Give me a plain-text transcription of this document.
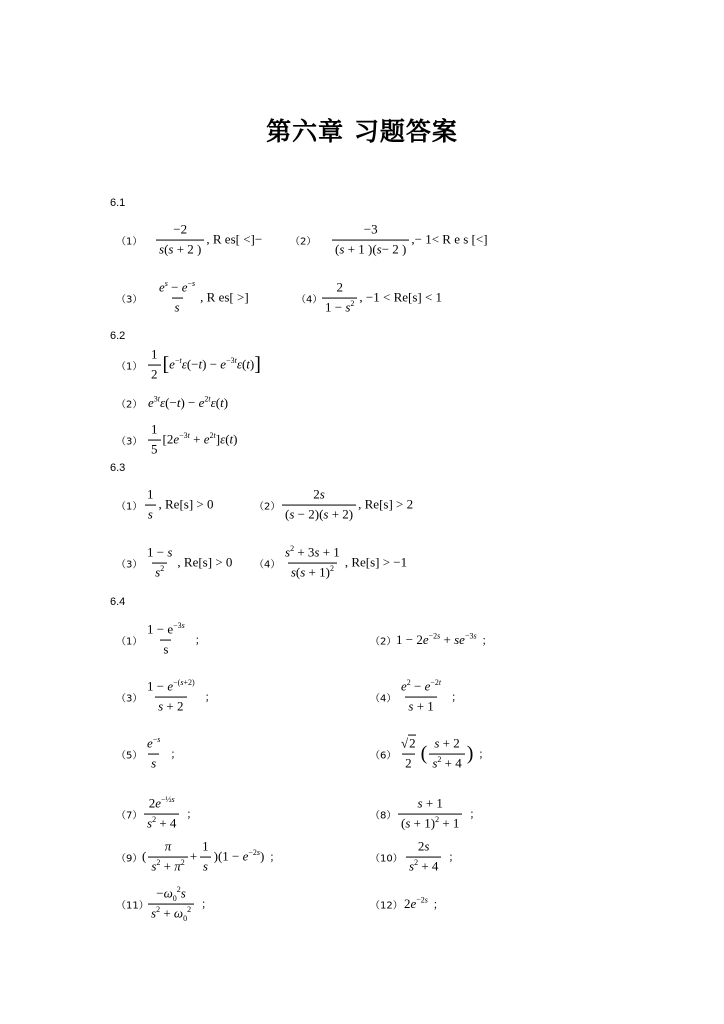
第六章 习题答案
6.1
$(1) \frac{-2}{s(s + 2 )}$ , R es[ <]−	$(2) \frac{-3}{(s + 1 )(s- 2 )}$ ,− 1< R e s [<]
$(3) \frac{e^s - e^{-s}}{s}$ , R es[ >]	$(4) \frac{2}{1 - s^2}$ , −1 < Re[s] < 1
6.2
$(1) \frac{1}{2}$ [ $e^{-t}\varepsilon(-t) - e^{-3t}\varepsilon(t)$ ]
（2） $e^{3t}\varepsilon(-t) - e^{2t}\varepsilon(t)$
$(3) \frac{1}{5} [2e^{-3t} + e^{2t}]\varepsilon(t)$
6.3
$(1) \frac{1}{s}$ , Re[s] > 0	$(2) \frac{2s}{(s - 2)(s + 2)}$ , Re[s] > 2
$(3) \frac{1 - s}{s^2}$ , Re[s] > 0 $(4) \frac{s^2 + 3s + 1}{s(s + 1)^2}$ , Re[s] > −1
6.4
$(1) \frac{1 - e^{-3s}}{s}$ ；	（2） $1 - 2e^{-2s} + se^{-3s}$ ；
$(3) \frac{1 - e^{-(s+2)}}{s + 2}$ ；	$(4) \frac{e^2 - e^{-2t}}{s + 1}$ ；
$(5) \frac{e^{-s}}{s}$ ；	$(6) \frac{√2}{2}$ ( $\frac{s + 2}{s^2 + 4}$ ) ；
$(7) \frac{2e^{-\frac{1}{2}s}}{s^2 + 4}$ ；	$(8) \frac{s + 1}{(s + 1)^2 + 1}$ ；
（9） ( $\frac{\pi}{s^2 + \pi^2} + \frac{1}{s} )(1 - e^{-2s})$ ；	$(10) \frac{2s}{s^2 + 4}$ ；
$(11) \frac{-\omega_0^2s}{s^2 + \omega_0^2}$ ；	（12） $2e^{-2s}$ ；
